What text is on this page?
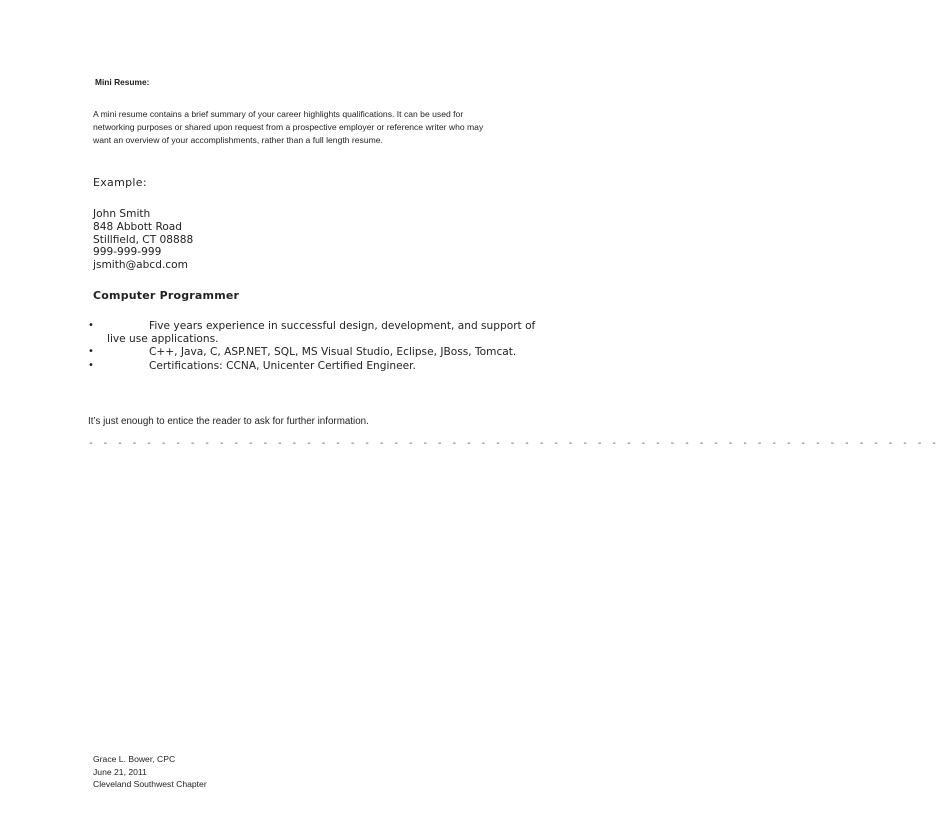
Mini Resume:
A mini resume contains a brief summary of your career highlights qualifications. It can be used for
networking purposes or shared upon request from a prospective employer or reference writer who may
want an overview of your accomplishments, rather than a full length resume.
Example:
John Smith
848 Abbott Road
Stillfield, CT 08888
999-999-999
jsmith@abcd.com
Computer Programmer
•	Five years experience in successful design, development, and support of
live use applications.
•	C++, Java, C, ASP.NET, SQL, MS Visual Studio, Eclipse, JBoss, Tomcat.
•	Certifications: CCNA, Unicenter Certified Engineer.
It’s just enough to entice the reader to ask for further information.
- - - - - - - - - - - - - - - - - - - - - - - - - - - - - - - - - - - - - - - - - - - - - - - - - - - - - - - - - - -
Grace L. Bower, CPC
June 21, 2011
Cleveland Southwest Chapter
